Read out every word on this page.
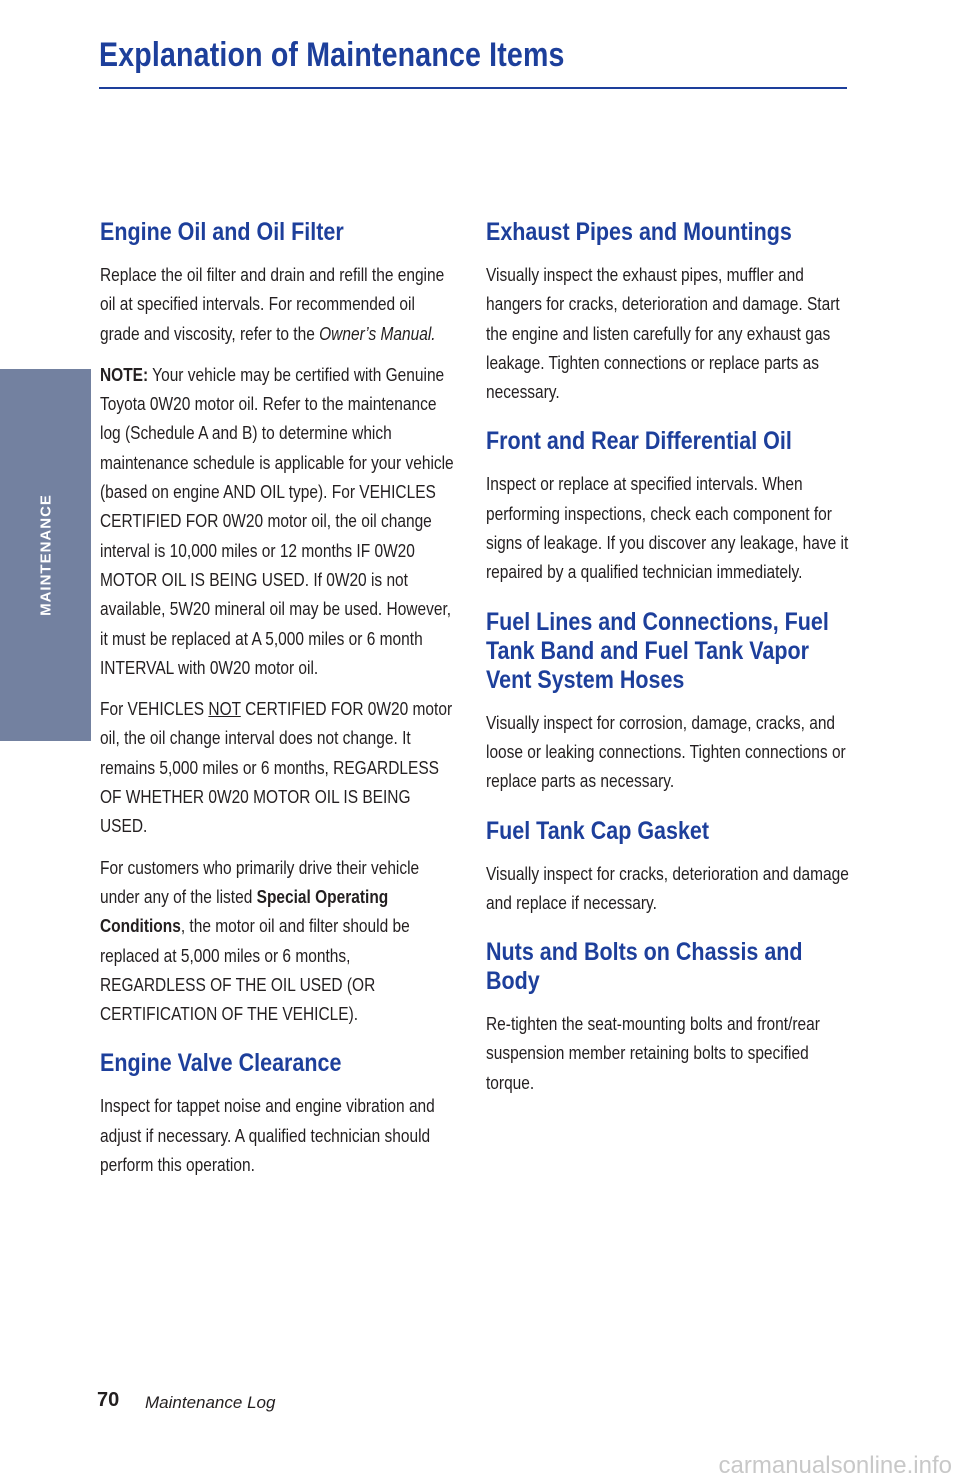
Explanation of Maintenance Items
MAINTENANCE
Engine Oil and Oil Filter

Replace the oil filter and drain and refill the engine oil at specified intervals. For recommended oil grade and viscosity, refer to the Owner’s Manual.

NOTE: Your vehicle may be certified with Genuine Toyota 0W20 motor oil. Refer to the maintenance log (Schedule A and B) to determine which maintenance schedule is applicable for your vehicle (based on engine AND OIL type). For VEHICLES CERTIFIED FOR 0W20 motor oil, the oil change interval is 10,000 miles or 12 months IF 0W20 MOTOR OIL IS BEING USED. If 0W20 is not available, 5W20 mineral oil may be used. However, it must be replaced at A 5,000 miles or 6 month INTERVAL with 0W20 motor oil.

For VEHICLES NOT CERTIFIED FOR 0W20 motor oil, the oil change interval does not change. It remains 5,000 miles or 6 months, REGARDLESS OF WHETHER 0W20 MOTOR OIL IS BEING USED.

For customers who primarily drive their vehicle under any of the listed Special Operating Conditions, the motor oil and filter should be replaced at 5,000 miles or 6 months, REGARDLESS OF THE OIL USED (OR CERTIFICATION OF THE VEHICLE).

Engine Valve Clearance

Inspect for tappet noise and engine vibration and adjust if necessary. A qualified technician should perform this operation.

Exhaust Pipes and Mountings

Visually inspect the exhaust pipes, muffler and hangers for cracks, deterioration and damage. Start the engine and listen carefully for any exhaust gas leakage. Tighten connections or replace parts as necessary.

Front and Rear Differential Oil

Inspect or replace at specified intervals. When performing inspections, check each component for signs of leakage. If you discover any leakage, have it repaired by a qualified technician immediately.

Fuel Lines and Connections, Fuel Tank Band and Fuel Tank Vapor Vent System Hoses

Visually inspect for corrosion, damage, cracks, and loose or leaking connections. Tighten connections or replace parts as necessary.

Fuel Tank Cap Gasket

Visually inspect for cracks, deterioration and damage and replace if necessary.

Nuts and Bolts on Chassis and Body

Re-tighten the seat-mounting bolts and front/rear suspension member retaining bolts to specified torque.

70 Maintenance Log
carmanualsonline.info
